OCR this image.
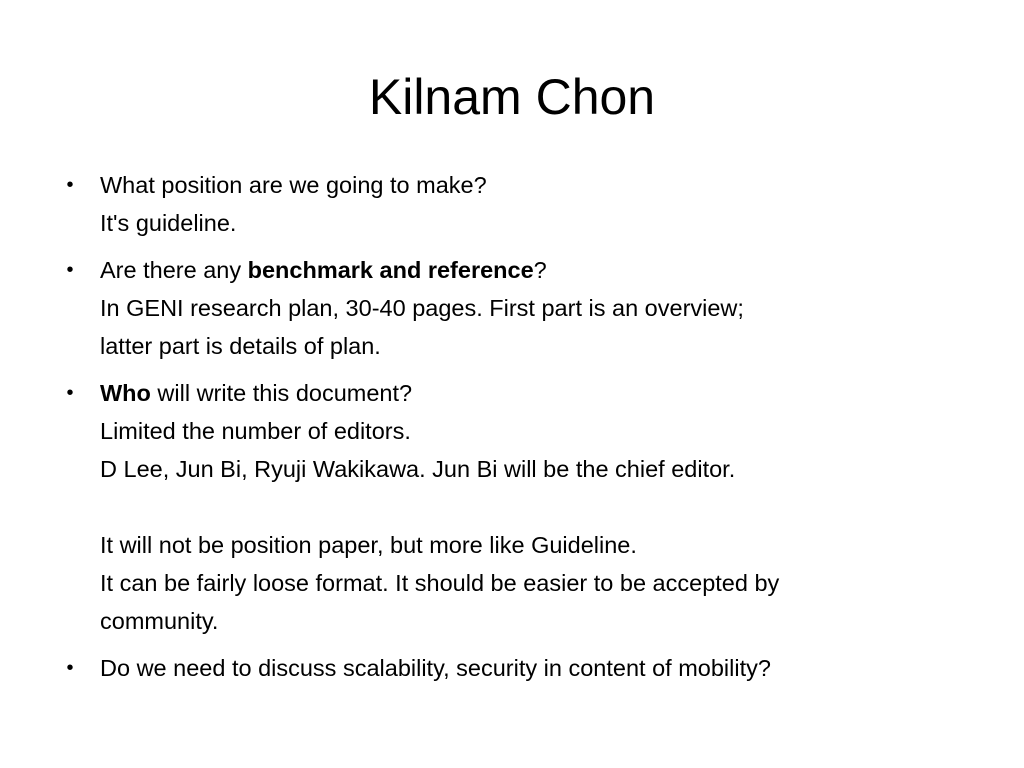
Kilnam Chon
• What position are we going to make?
It's guideline.
• Are there any benchmark and reference?
In GENI research plan, 30-40 pages. First part is an overview;
latter part is details of plan.
• Who will write this document?
Limited the number of editors.
D Lee, Jun Bi, Ryuji Wakikawa. Jun Bi will be the chief editor.
It will not be position paper, but more like Guideline.
It can be fairly loose format. It should be easier to be accepted by
community.
• Do we need to discuss scalability, security in content of mobility?
